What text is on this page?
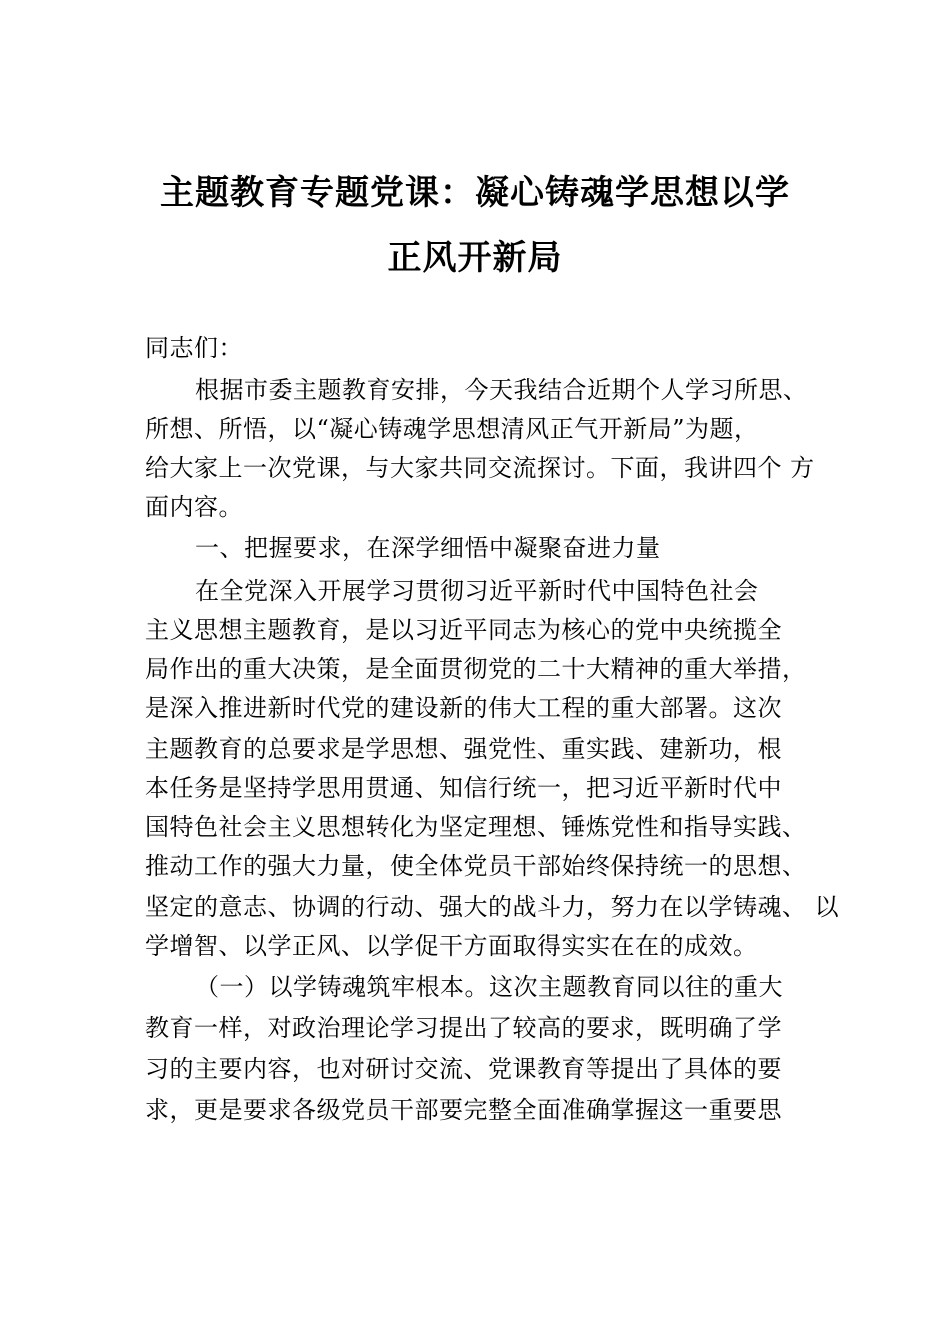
主题教育专题党课：凝心铸魂学思想以学
正风开新局
同志们：
根据市委主题教育安排，今天我结合近期个人学习所思、
所想、所悟，以“凝心铸魂学思想清风正气开新局”为题，
给大家上一次党课，与大家共同交流探讨。下面，我讲四个 方
面内容。
一、把握要求，在深学细悟中凝聚奋进力量
在全党深入开展学习贯彻习近平新时代中国特色社会
主义思想主题教育，是以习近平同志为核心的党中央统揽全
局作出的重大决策，是全面贯彻党的二十大精神的重大举措，
是深入推进新时代党的建设新的伟大工程的重大部署。这次
主题教育的总要求是学思想、强党性、重实践、建新功，根
本任务是坚持学思用贯通、知信行统一，把习近平新时代中
国特色社会主义思想转化为坚定理想、锤炼党性和指导实践、
推动工作的强大力量，使全体党员干部始终保持统一的思想、
坚定的意志、协调的行动、强大的战斗力，努力在以学铸魂、 以
学增智、以学正风、以学促干方面取得实实在在的成效。
（一）以学铸魂筑牢根本。这次主题教育同以往的重大
教育一样，对政治理论学习提出了较高的要求，既明确了学
习的主要内容，也对研讨交流、党课教育等提出了具体的要
求，更是要求各级党员干部要完整全面准确掌握这一重要思
